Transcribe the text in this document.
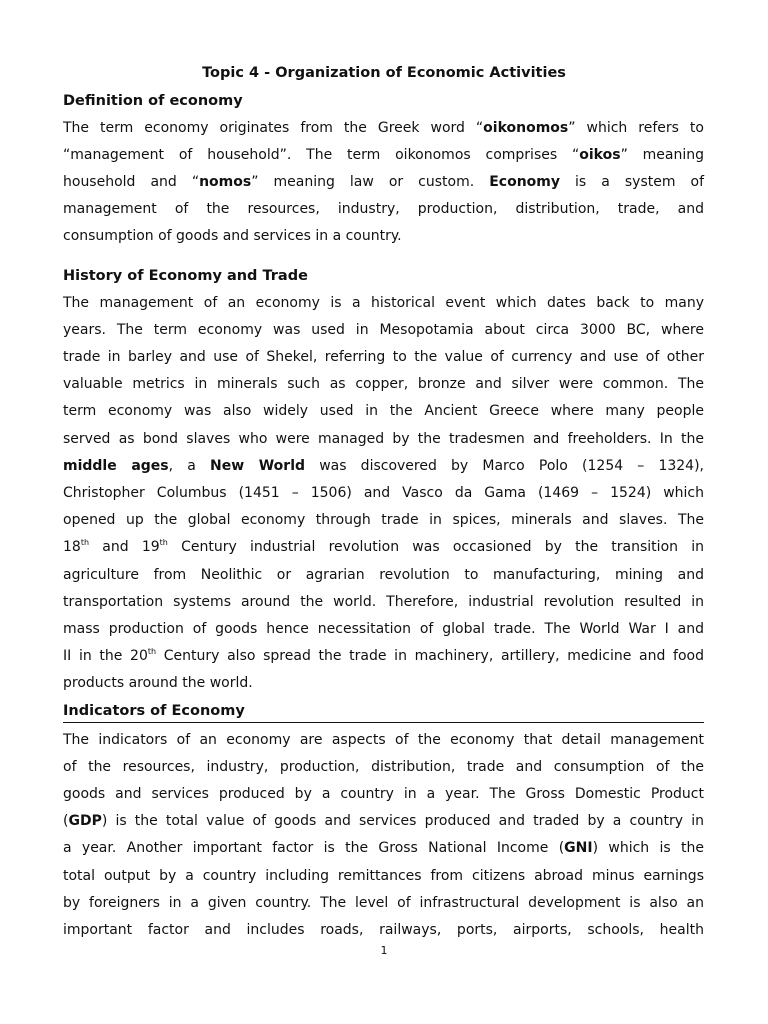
Topic 4 - Organization of Economic Activities
Definition of economy
The term economy originates from the Greek word “oikonomos” which refers to
“management of household”. The term oikonomos comprises “oikos” meaning
household and “nomos” meaning law or custom. Economy is a system of
management of the resources, industry, production, distribution, trade, and
consumption of goods and services in a country.
History of Economy and Trade
The management of an economy is a historical event which dates back to many
years. The term economy was used in Mesopotamia about circa 3000 BC, where
trade in barley and use of Shekel, referring to the value of currency and use of other
valuable metrics in minerals such as copper, bronze and silver were common. The
term economy was also widely used in the Ancient Greece where many people
served as bond slaves who were managed by the tradesmen and freeholders. In the
middle ages, a New World was discovered by Marco Polo (1254 – 1324),
Christopher Columbus (1451 – 1506) and Vasco da Gama (1469 – 1524) which
opened up the global economy through trade in spices, minerals and slaves. The
18th and 19th Century industrial revolution was occasioned by the transition in
agriculture from Neolithic or agrarian revolution to manufacturing, mining and
transportation systems around the world. Therefore, industrial revolution resulted in
mass production of goods hence necessitation of global trade. The World War I and
II in the 20th Century also spread the trade in machinery, artillery, medicine and food
products around the world.
Indicators of Economy
The indicators of an economy are aspects of the economy that detail management
of the resources, industry, production, distribution, trade and consumption of the
goods and services produced by a country in a year. The Gross Domestic Product
(GDP) is the total value of goods and services produced and traded by a country in
a year. Another important factor is the Gross National Income (GNI) which is the
total output by a country including remittances from citizens abroad minus earnings
by foreigners in a given country. The level of infrastructural development is also an
important factor and includes roads, railways, ports, airports, schools, health
1
